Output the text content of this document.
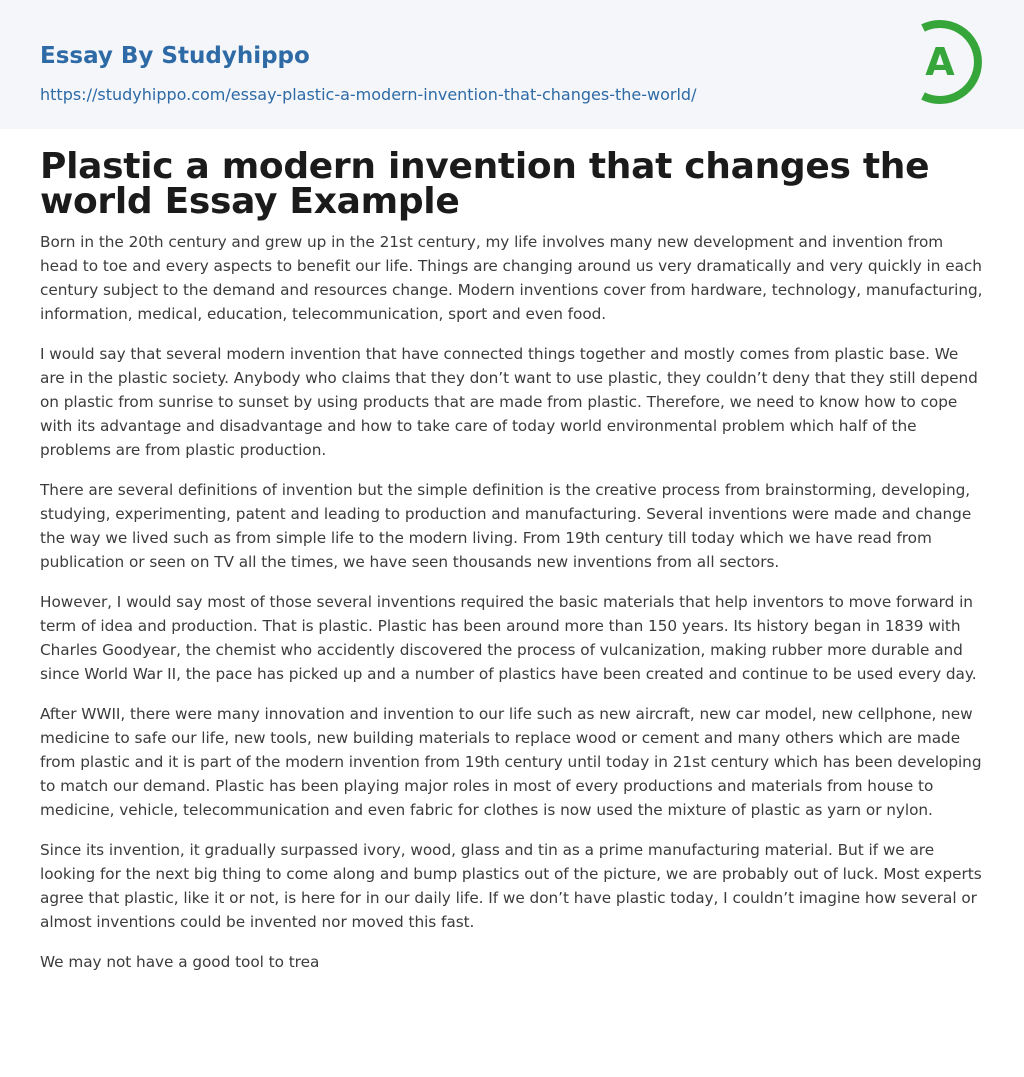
Essay By Studyhippo
https://studyhippo.com/essay-plastic-a-modern-invention-that-changes-the-world/
A
Plastic a modern invention that changes the world Essay Example

Born in the 20th century and grew up in the 21st century, my life involves many new development and invention from head to toe and every aspects to benefit our life. Things are changing around us very dramatically and very quickly in each century subject to the demand and resources change. Modern inventions cover from hardware, technology, manufacturing, information, medical, education, telecommunication, sport and even food.

I would say that several modern invention that have connected things together and mostly comes from plastic base. We are in the plastic society. Anybody who claims that they don’t want to use plastic, they couldn’t deny that they still depend on plastic from sunrise to sunset by using products that are made from plastic. Therefore, we need to know how to cope with its advantage and disadvantage and how to take care of today world environmental problem which half of the problems are from plastic production.

There are several definitions of invention but the simple definition is the creative process from brainstorming, developing, studying, experimenting, patent and leading to production and manufacturing. Several inventions were made and change the way we lived such as from simple life to the modern living. From 19th century till today which we have read from publication or seen on TV all the times, we have seen thousands new inventions from all sectors.

However, I would say most of those several inventions required the basic materials that help inventors to move forward in term of idea and production. That is plastic. Plastic has been around more than 150 years. Its history began in 1839 with Charles Goodyear, the chemist who accidently discovered the process of vulcanization, making rubber more durable and since World War II, the pace has picked up and a number of plastics have been created and continue to be used every day.

After WWII, there were many innovation and invention to our life such as new aircraft, new car model, new cellphone, new medicine to safe our life, new tools, new building materials to replace wood or cement and many others which are made from plastic and it is part of the modern invention from 19th century until today in 21st century which has been developing to match our demand. Plastic has been playing major roles in most of every productions and materials from house to medicine, vehicle, telecommunication and even fabric for clothes is now used the mixture of plastic as yarn or nylon.

Since its invention, it gradually surpassed ivory, wood, glass and tin as a prime manufacturing material. But if we are looking for the next big thing to come along and bump plastics out of the picture, we are probably out of luck. Most experts agree that plastic, like it or not, is here for in our daily life. If we don’t have plastic today, I couldn’t imagine how several or almost inventions could be invented nor moved this fast.

We may not have a good tool to trea
